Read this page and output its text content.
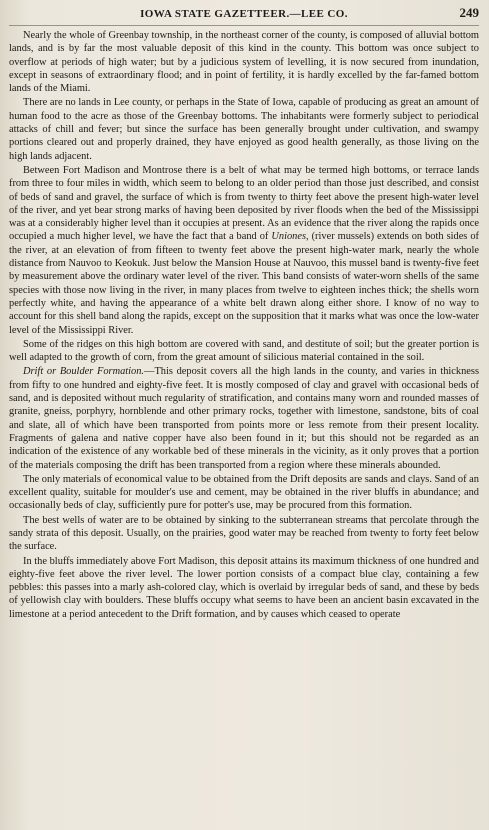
IOWA STATE GAZETTEER.—LEE CO.	249

Nearly the whole of Greenbay township, in the northeast corner of the county, is composed of alluvial bottom lands, and is by far the most valuable deposit of this kind in the county. This bottom was once subject to overflow at periods of high water; but by a judicious system of levelling, it is now secured from inundation, except in seasons of extraordinary flood; and in point of fertility, it is hardly excelled by the far-famed bottom lands of the Miami.

There are no lands in Lee county, or perhaps in the State of Iowa, capable of producing as great an amount of human food to the acre as those of the Greenbay bottoms. The inhabitants were formerly subject to periodical attacks of chill and fever; but since the surface has been generally brought under cultivation, and swampy portions cleared out and properly drained, they have enjoyed as good health generally, as those living on the high lands adjacent.

Between Fort Madison and Montrose there is a belt of what may be termed high bottoms, or terrace lands from three to four miles in width, which seem to belong to an older period than those just described, and consist of beds of sand and gravel, the surface of which is from twenty to thirty feet above the present high-water level of the river, and yet bear strong marks of having been deposited by river floods when the bed of the Mississippi was at a considerably higher level than it occupies at present. As an evidence that the river along the rapids once occupied a much higher level, we have the fact that a band of Uniones, (river mussels) extends on both sides of the river, at an elevation of from fifteen to twenty feet above the present high-water mark, nearly the whole distance from Nauvoo to Keokuk. Just below the Mansion House at Nauvoo, this mussel band is twenty-five feet by measurement above the ordinary water level of the river. This band consists of water-worn shells of the same species with those now living in the river, in many places from twelve to eighteen inches thick; the shells worn perfectly white, and having the appearance of a white belt drawn along either shore. I know of no way to account for this shell band along the rapids, except on the supposition that it marks what was once the low-water level of the Mississippi River.

Some of the ridges on this high bottom are covered with sand, and destitute of soil; but the greater portion is well adapted to the growth of corn, from the great amount of silicious material contained in the soil.

Drift or Boulder Formation.—This deposit covers all the high lands in the county, and varies in thickness from fifty to one hundred and eighty-five feet. It is mostly composed of clay and gravel with occasional beds of sand, and is deposited without much regularity of stratification, and contains many worn and rounded masses of granite, gneiss, porphyry, hornblende and other primary rocks, together with limestone, sandstone, bits of coal and slate, all of which have been transported from points more or less remote from their present locality. Fragments of galena and native copper have also been found in it; but this should not be regarded as an indication of the existence of any workable bed of these minerals in the vicinity, as it only proves that a portion of the materials composing the drift has been transported from a region where these minerals abounded.

The only materials of economical value to be obtained from the Drift deposits are sands and clays. Sand of an excellent quality, suitable for moulder's use and cement, may be obtained in the river bluffs in abundance; and occasionally beds of clay, sufficiently pure for potter's use, may be procured from this formation.

The best wells of water are to be obtained by sinking to the subterranean streams that percolate through the sandy strata of this deposit. Usually, on the prairies, good water may be reached from twenty to forty feet below the surface.

In the bluffs immediately above Fort Madison, this deposit attains its maximum thickness of one hundred and eighty-five feet above the river level. The lower portion consists of a compact blue clay, containing a few pebbles: this passes into a marly ash-colored clay, which is overlaid by irregular beds of sand, and these by beds of yellowish clay with boulders. These bluffs occupy what seems to have been an ancient basin excavated in the limestone at a period antecedent to the Drift formation, and by causes which ceased to operate
